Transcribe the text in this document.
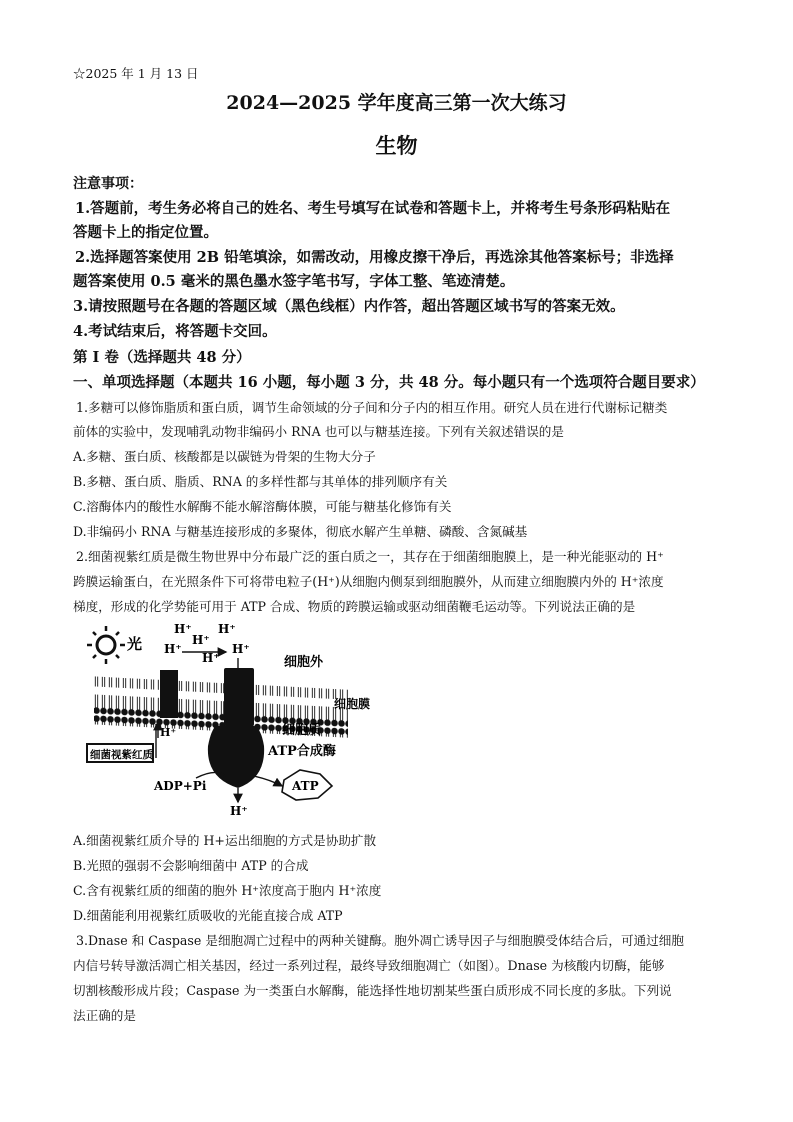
☆2025 年 1 月 13 日
2024—2025 学年度高三第一次大练习
生物
注意事项：
1.答题前，考生务必将自己的姓名、考生号填写在试卷和答题卡上，并将考生号条形码粘贴在
答题卡上的指定位置。
2.选择题答案使用 2B 铅笔填涂，如需改动，用橡皮擦干净后，再选涂其他答案标号；非选择
题答案使用 0.5 毫米的黑色墨水签字笔书写，字体工整、笔迹清楚。
3.请按照题号在各题的答题区域（黑色线框）内作答，超出答题区域书写的答案无效。
4.考试结束后，将答题卡交回。
第 I 卷（选择题共 48 分）
一、单项选择题（本题共 16 小题，每小题 3 分，共 48 分。每小题只有一个选项符合题目要求）
1.多糖可以修饰脂质和蛋白质，调节生命领域的分子间和分子内的相互作用。研究人员在进行代谢标记糖类
前体的实验中，发现哺乳动物非编码小 RNA 也可以与糖基连接。下列有关叙述错误的是
A.多糖、蛋白质、核酸都是以碳链为骨架的生物大分子
B.多糖、蛋白质、脂质、RNA 的多样性都与其单体的排列顺序有关
C.溶酶体内的酸性水解酶不能水解溶酶体膜，可能与糖基化修饰有关
D.非编码小 RNA 与糖基连接形成的多聚体，彻底水解产生单糖、磷酸、含氮碱基
2.细菌视紫红质是微生物世界中分布最广泛的蛋白质之一，其存在于细菌细胞膜上，是一种光能驱动的 H⁺
跨膜运输蛋白，在光照条件下可将带电粒子(H⁺)从细胞内侧泵到细胞膜外，从而建立细胞膜内外的 H⁺浓度
梯度，形成的化学势能可用于 ATP 合成、物质的跨膜运输或驱动细菌鞭毛运动等。下列说法正确的是
光
H⁺ H⁺
H⁺
H⁺	H⁺
H⁺	细胞外
细胞膜
H⁺
细菌视紫红质
细胞质
ATP合成酶
ADP+Pi	ATP
H⁺
A.细菌视紫红质介导的 H+运出细胞的方式是协助扩散
B.光照的强弱不会影响细菌中 ATP 的合成
C.含有视紫红质的细菌的胞外 H⁺浓度高于胞内 H⁺浓度
D.细菌能利用视紫红质吸收的光能直接合成 ATP
3.Dnase 和 Caspase 是细胞凋亡过程中的两种关键酶。胞外凋亡诱导因子与细胞膜受体结合后，可通过细胞
内信号转导激活凋亡相关基因，经过一系列过程，最终导致细胞凋亡（如图）。Dnase 为核酸内切酶，能够
切割核酸形成片段；Caspase 为一类蛋白水解酶，能选择性地切割某些蛋白质形成不同长度的多肽。下列说
法正确的是
